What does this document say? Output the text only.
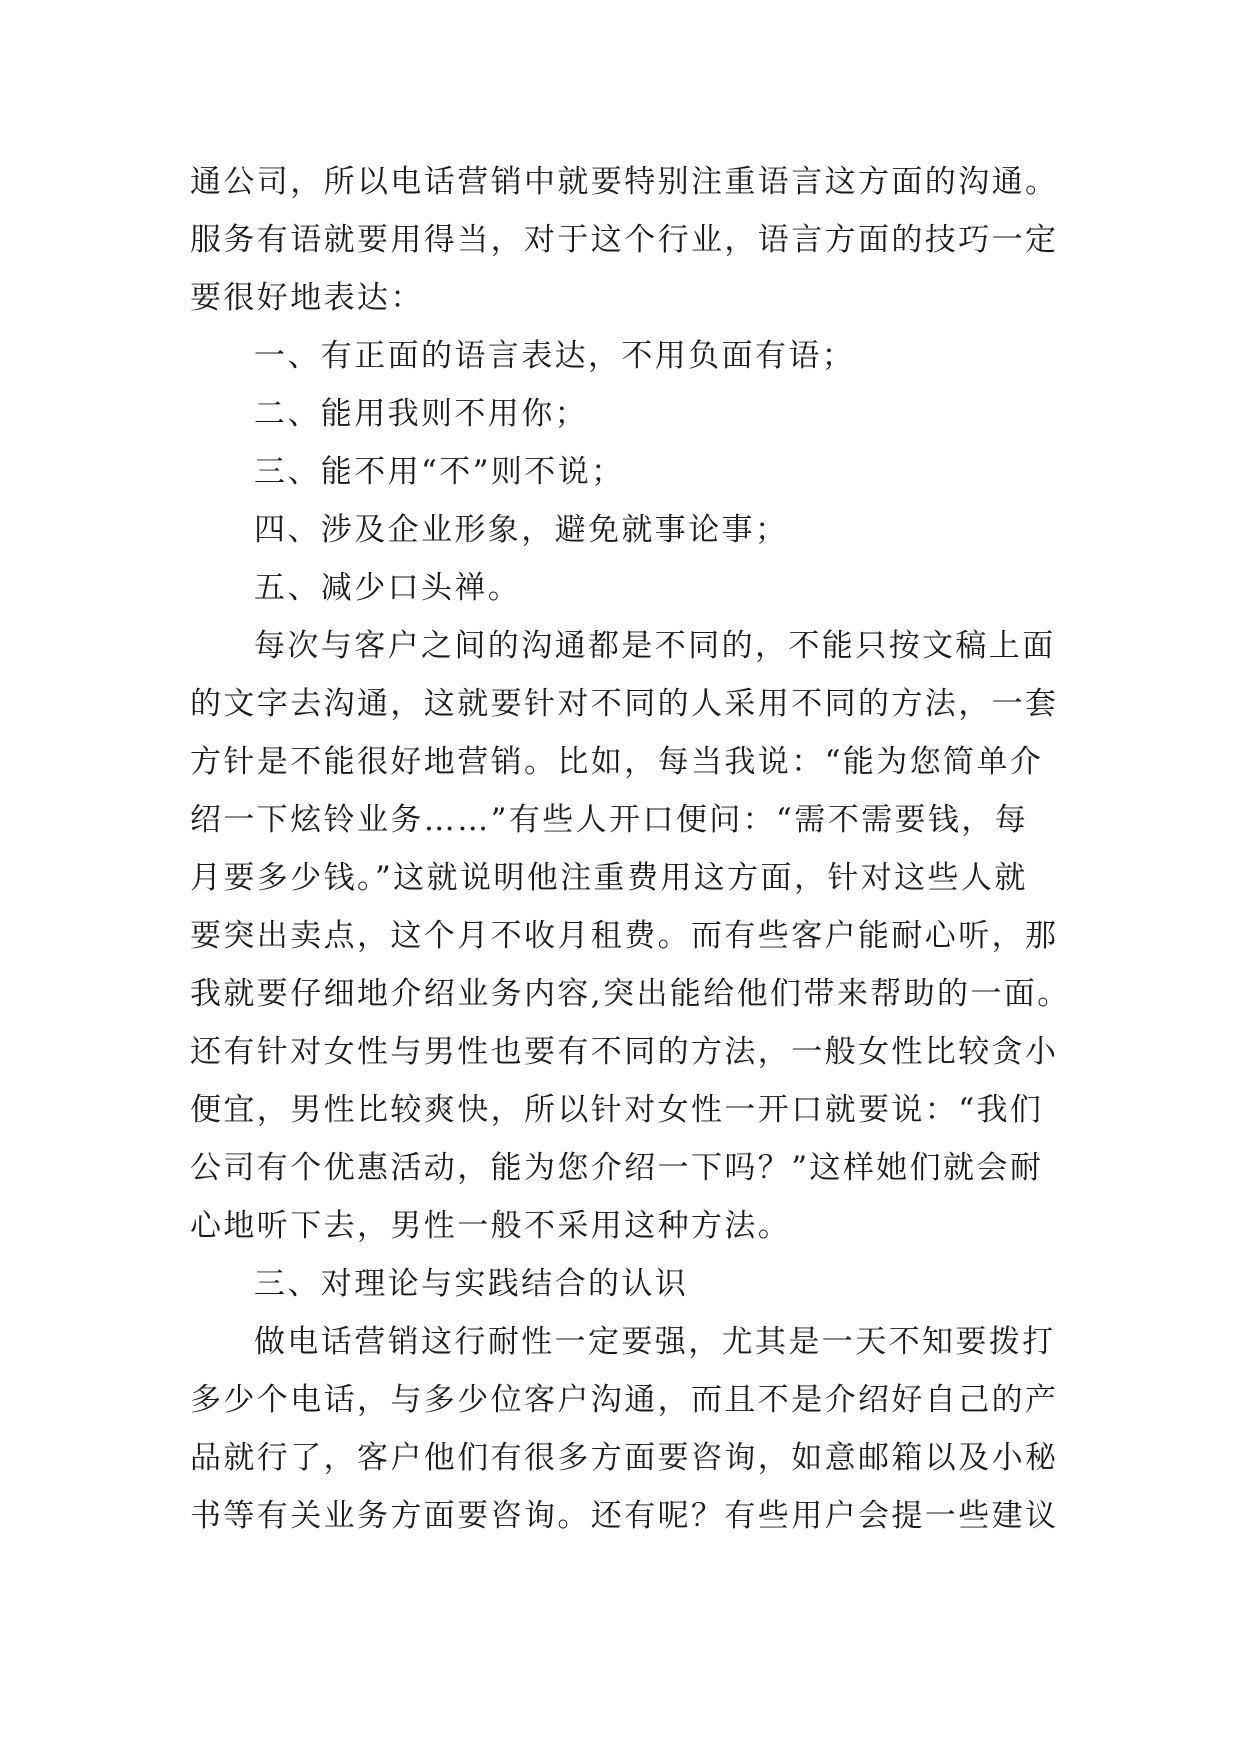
通公司，所以电话营销中就要特别注重语言这方面的沟通。
服务有语就要用得当，对于这个行业，语言方面的技巧一定
要很好地表达：
一、有正面的语言表达，不用负面有语；
二、能用我则不用你；
三、能不用“不”则不说；
四、涉及企业形象，避免就事论事；
五、减少口头禅。
每次与客户之间的沟通都是不同的，不能只按文稿上面
的文字去沟通，这就要针对不同的人采用不同的方法，一套
方针是不能很好地营销。比如，每当我说：“能为您简单介
绍一下炫铃业务……”有些人开口便问：“需不需要钱，每
月要多少钱。”这就说明他注重费用这方面，针对这些人就
要突出卖点，这个月不收月租费。而有些客户能耐心听，那
我就要仔细地介绍业务内容,突出能给他们带来帮助的一面。
还有针对女性与男性也要有不同的方法，一般女性比较贪小
便宜，男性比较爽快，所以针对女性一开口就要说：“我们
公司有个优惠活动，能为您介绍一下吗？”这样她们就会耐
心地听下去，男性一般不采用这种方法。
三、对理论与实践结合的认识
做电话营销这行耐性一定要强，尤其是一天不知要拨打
多少个电话，与多少位客户沟通，而且不是介绍好自己的产
品就行了，客户他们有很多方面要咨询，如意邮箱以及小秘
书等有关业务方面要咨询。还有呢？有些用户会提一些建议
